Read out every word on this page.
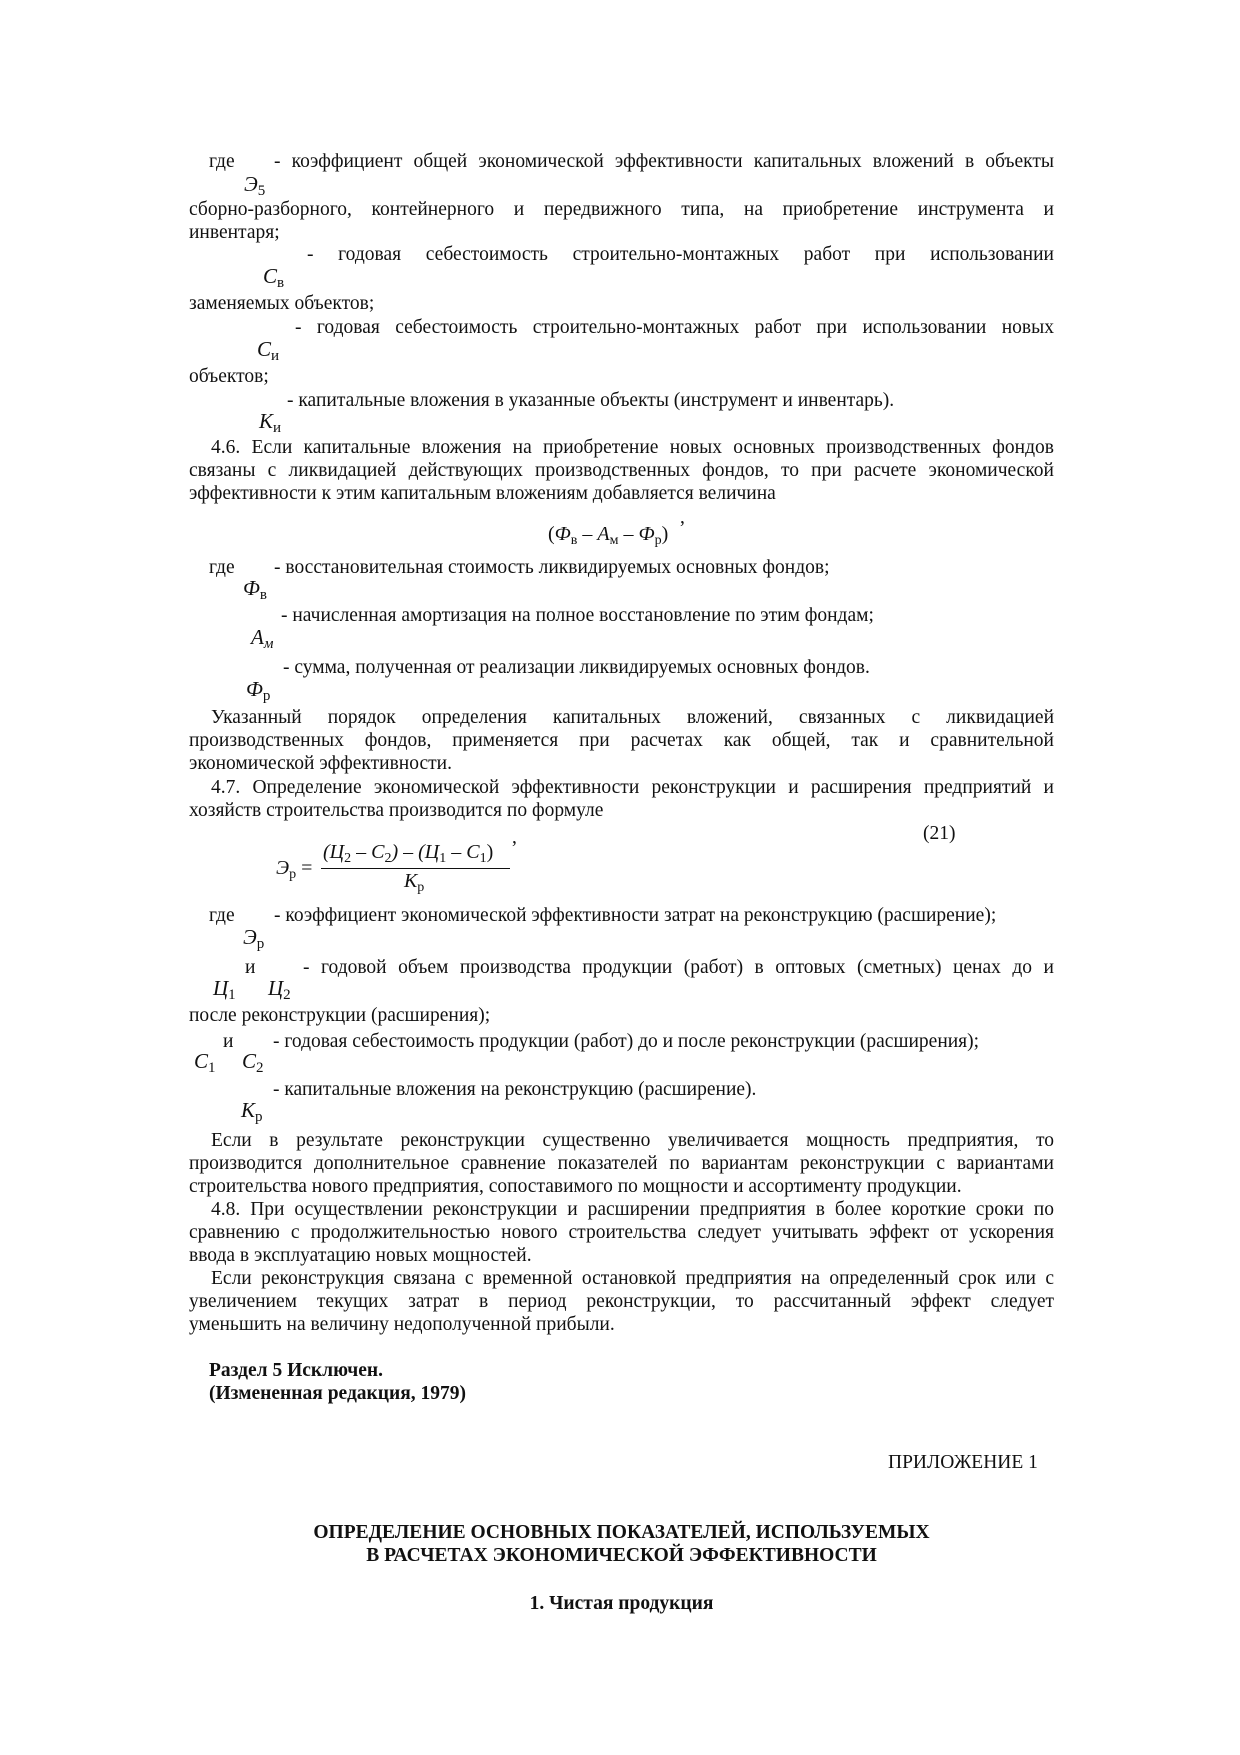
где - коэффициент общей экономической эффективности капитальных вложений в объекты
$Э_5$
сборно-разборного, контейнерного и передвижного типа, на приобретение инструмента и
инвентаря;
- годовая себестоимость строительно-монтажных работ при использовании
$С_в$
заменяемых объектов;
- годовая себестоимость строительно-монтажных работ при использовании новых
$С_и$
объектов;
- капитальные вложения в указанные объекты (инструмент и инвентарь).
$К_и$
4.6. Если капитальные вложения на приобретение новых основных производственных фондов
связаны с ликвидацией действующих производственных фондов, то при расчете экономической
эффективности к этим капитальным вложениям добавляется величина
$(Ф_в - А_м - Ф_р)$
,
где - восстановительная стоимость ликвидируемых основных фондов;
$Ф_в$
- начисленная амортизация на полное восстановление по этим фондам;
$А_м$
- сумма, полученная от реализации ликвидируемых основных фондов.
$Ф_р$
Указанный порядок определения капитальных вложений, связанных с ликвидацией
производственных фондов, применяется при расчетах как общей, так и сравнительной
экономической эффективности.
4.7. Определение экономической эффективности реконструкции и расширения предприятий и
хозяйств строительства производится по формуле
(21)
$Э_р$ =
$(Ц_2 - С_2) - (Ц_1 - С_1)$
$К_р$
,
где - коэффициент экономической эффективности затрат на реконструкцию (расширение);
$Э_р$
и - годовой объем производства продукции (работ) в оптовых (сметных) ценах до и
$Ц_1$ $Ц_2$
после реконструкции (расширения);
и - годовая себестоимость продукции (работ) до и после реконструкции (расширения);
$С_1$ $С_2$
- капитальные вложения на реконструкцию (расширение).
$К_р$
Если в результате реконструкции существенно увеличивается мощность предприятия, то
производится дополнительное сравнение показателей по вариантам реконструкции с вариантами
строительства нового предприятия, сопоставимого по мощности и ассортименту продукции.
4.8. При осуществлении реконструкции и расширении предприятия в более короткие сроки по
сравнению с продолжительностью нового строительства следует учитывать эффект от ускорения
ввода в эксплуатацию новых мощностей.
Если реконструкция связана с временной остановкой предприятия на определенный срок или с
увеличением текущих затрат в период реконструкции, то рассчитанный эффект следует
уменьшить на величину недополученной прибыли.
Раздел 5 Исключен.
(Измененная редакция, 1979)
ПРИЛОЖЕНИЕ 1
ОПРЕДЕЛЕНИЕ ОСНОВНЫХ ПОКАЗАТЕЛЕЙ, ИСПОЛЬЗУЕМЫХ
В РАСЧЕТАХ ЭКОНОМИЧЕСКОЙ ЭФФЕКТИВНОСТИ
1. Чистая продукция
